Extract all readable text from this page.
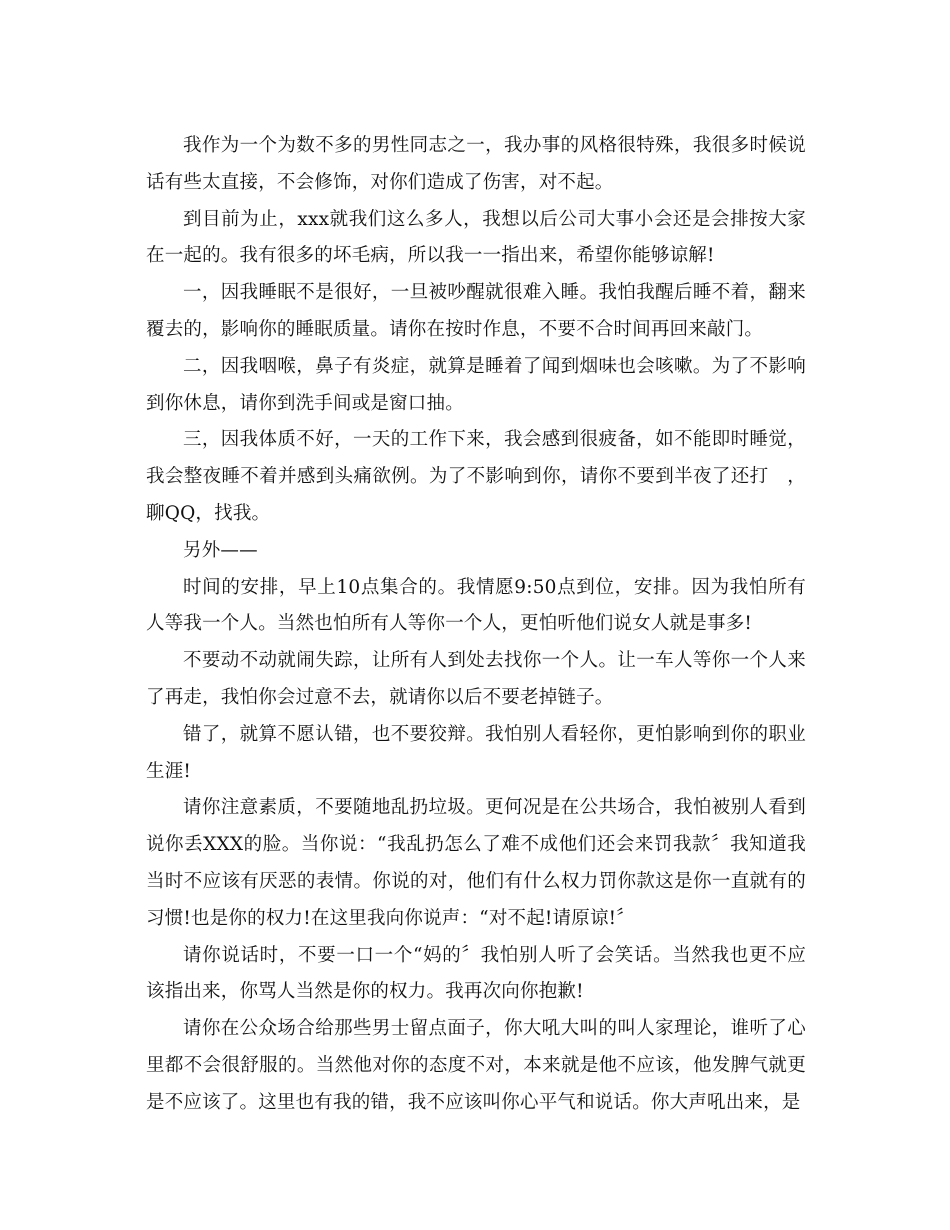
我作为一个为数不多的男性同志之一，我办事的风格很特殊，我很多时候说话有些太直接，不会修饰，对你们造成了伤害，对不起。

到目前为止，xxx就我们这么多人，我想以后公司大事小会还是会排按大家在一起的。我有很多的坏毛病，所以我一一指出来，希望你能够谅解!

一，因我睡眠不是很好，一旦被吵醒就很难入睡。我怕我醒后睡不着，翻来覆去的，影响你的睡眠质量。请你在按时作息，不要不合时间再回来敲门。

二，因我咽喉，鼻子有炎症，就算是睡着了闻到烟味也会咳嗽。为了不影响到你休息，请你到洗手间或是窗口抽。

三，因我体质不好，一天的工作下来，我会感到很疲备，如不能即时睡觉，我会整夜睡不着并感到头痛欲例。为了不影响到你，请你不要到半夜了还打　，聊QQ，找我。

另外——

时间的安排，早上10点集合的。我情愿9:50点到位，安排。因为我怕所有人等我一个人。当然也怕所有人等你一个人，更怕听他们说女人就是事多!

不要动不动就闹失踪，让所有人到处去找你一个人。让一车人等你一个人来了再走，我怕你会过意不去，就请你以后不要老掉链子。

错了，就算不愿认错，也不要狡辩。我怕别人看轻你，更怕影响到你的职业生涯!

请你注意素质，不要随地乱扔垃圾。更何况是在公共场合，我怕被别人看到说你丢XXX的脸。当你说：“我乱扔怎么了难不成他们还会来罚我款〞我知道我当时不应该有厌恶的表情。你说的对，他们有什么权力罚你款这是你一直就有的习惯!也是你的权力!在这里我向你说声：“对不起!请原谅!〞

请你说话时，不要一口一个“妈的〞我怕别人听了会笑话。当然我也更不应该指出来，你骂人当然是你的权力。我再次向你抱歉!

请你在公众场合给那些男士留点面子，你大吼大叫的叫人家理论，谁听了心里都不会很舒服的。当然他对你的态度不对，本来就是他不应该，他发脾气就更是不应该了。这里也有我的错，我不应该叫你心平气和说话。你大声吼出来，是
